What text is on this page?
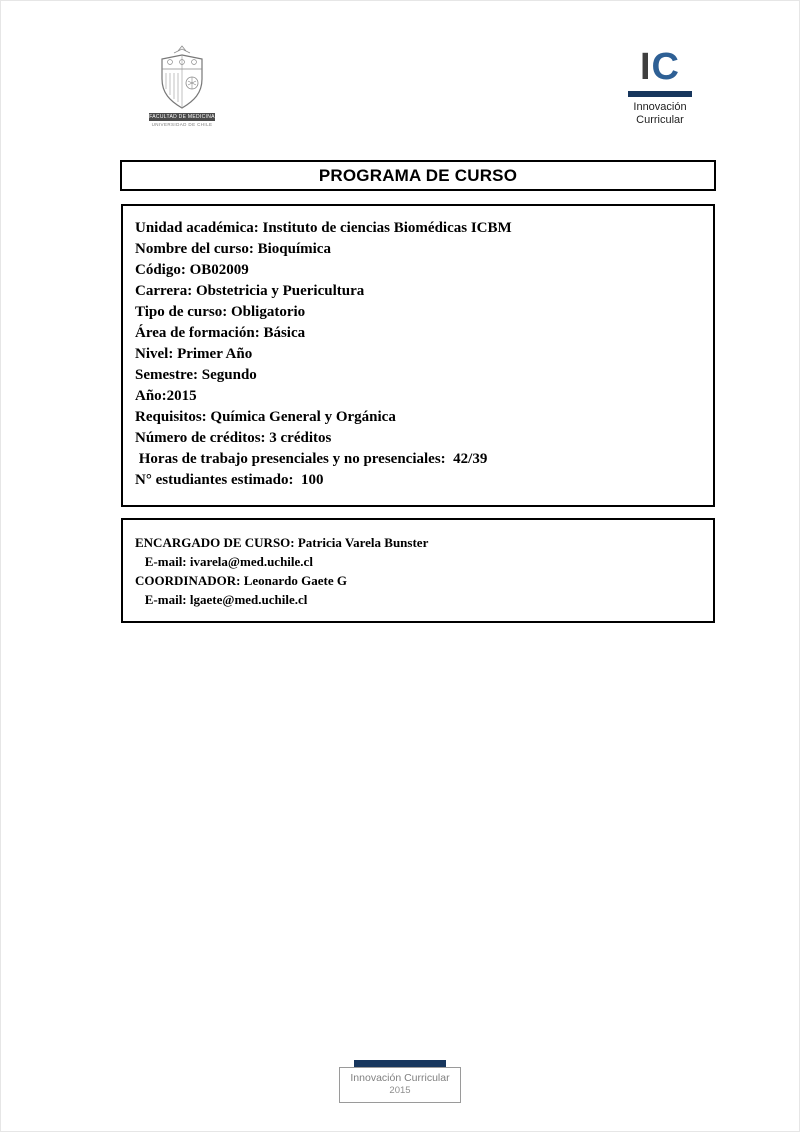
FACULTAD DE MEDICINA
UNIVERSIDAD DE CHILE
IC
Innovación
Curricular
PROGRAMA DE CURSO
Unidad académica: Instituto de ciencias Biomédicas ICBM
Nombre del curso: Bioquímica
Código: OB02009
Carrera: Obstetricia y Puericultura
Tipo de curso: Obligatorio
Área de formación: Básica
Nivel: Primer Año
Semestre: Segundo
Año:2015
Requisitos: Química General y Orgánica
Número de créditos: 3 créditos
Horas de trabajo presenciales y no presenciales:  42/39
N° estudiantes estimado:  100
ENCARGADO DE CURSO: Patricia Varela Bunster
E-mail: ivarela@med.uchile.cl
COORDINADOR: Leonardo Gaete G
E-mail: lgaete@med.uchile.cl
Innovación Curricular
2015
